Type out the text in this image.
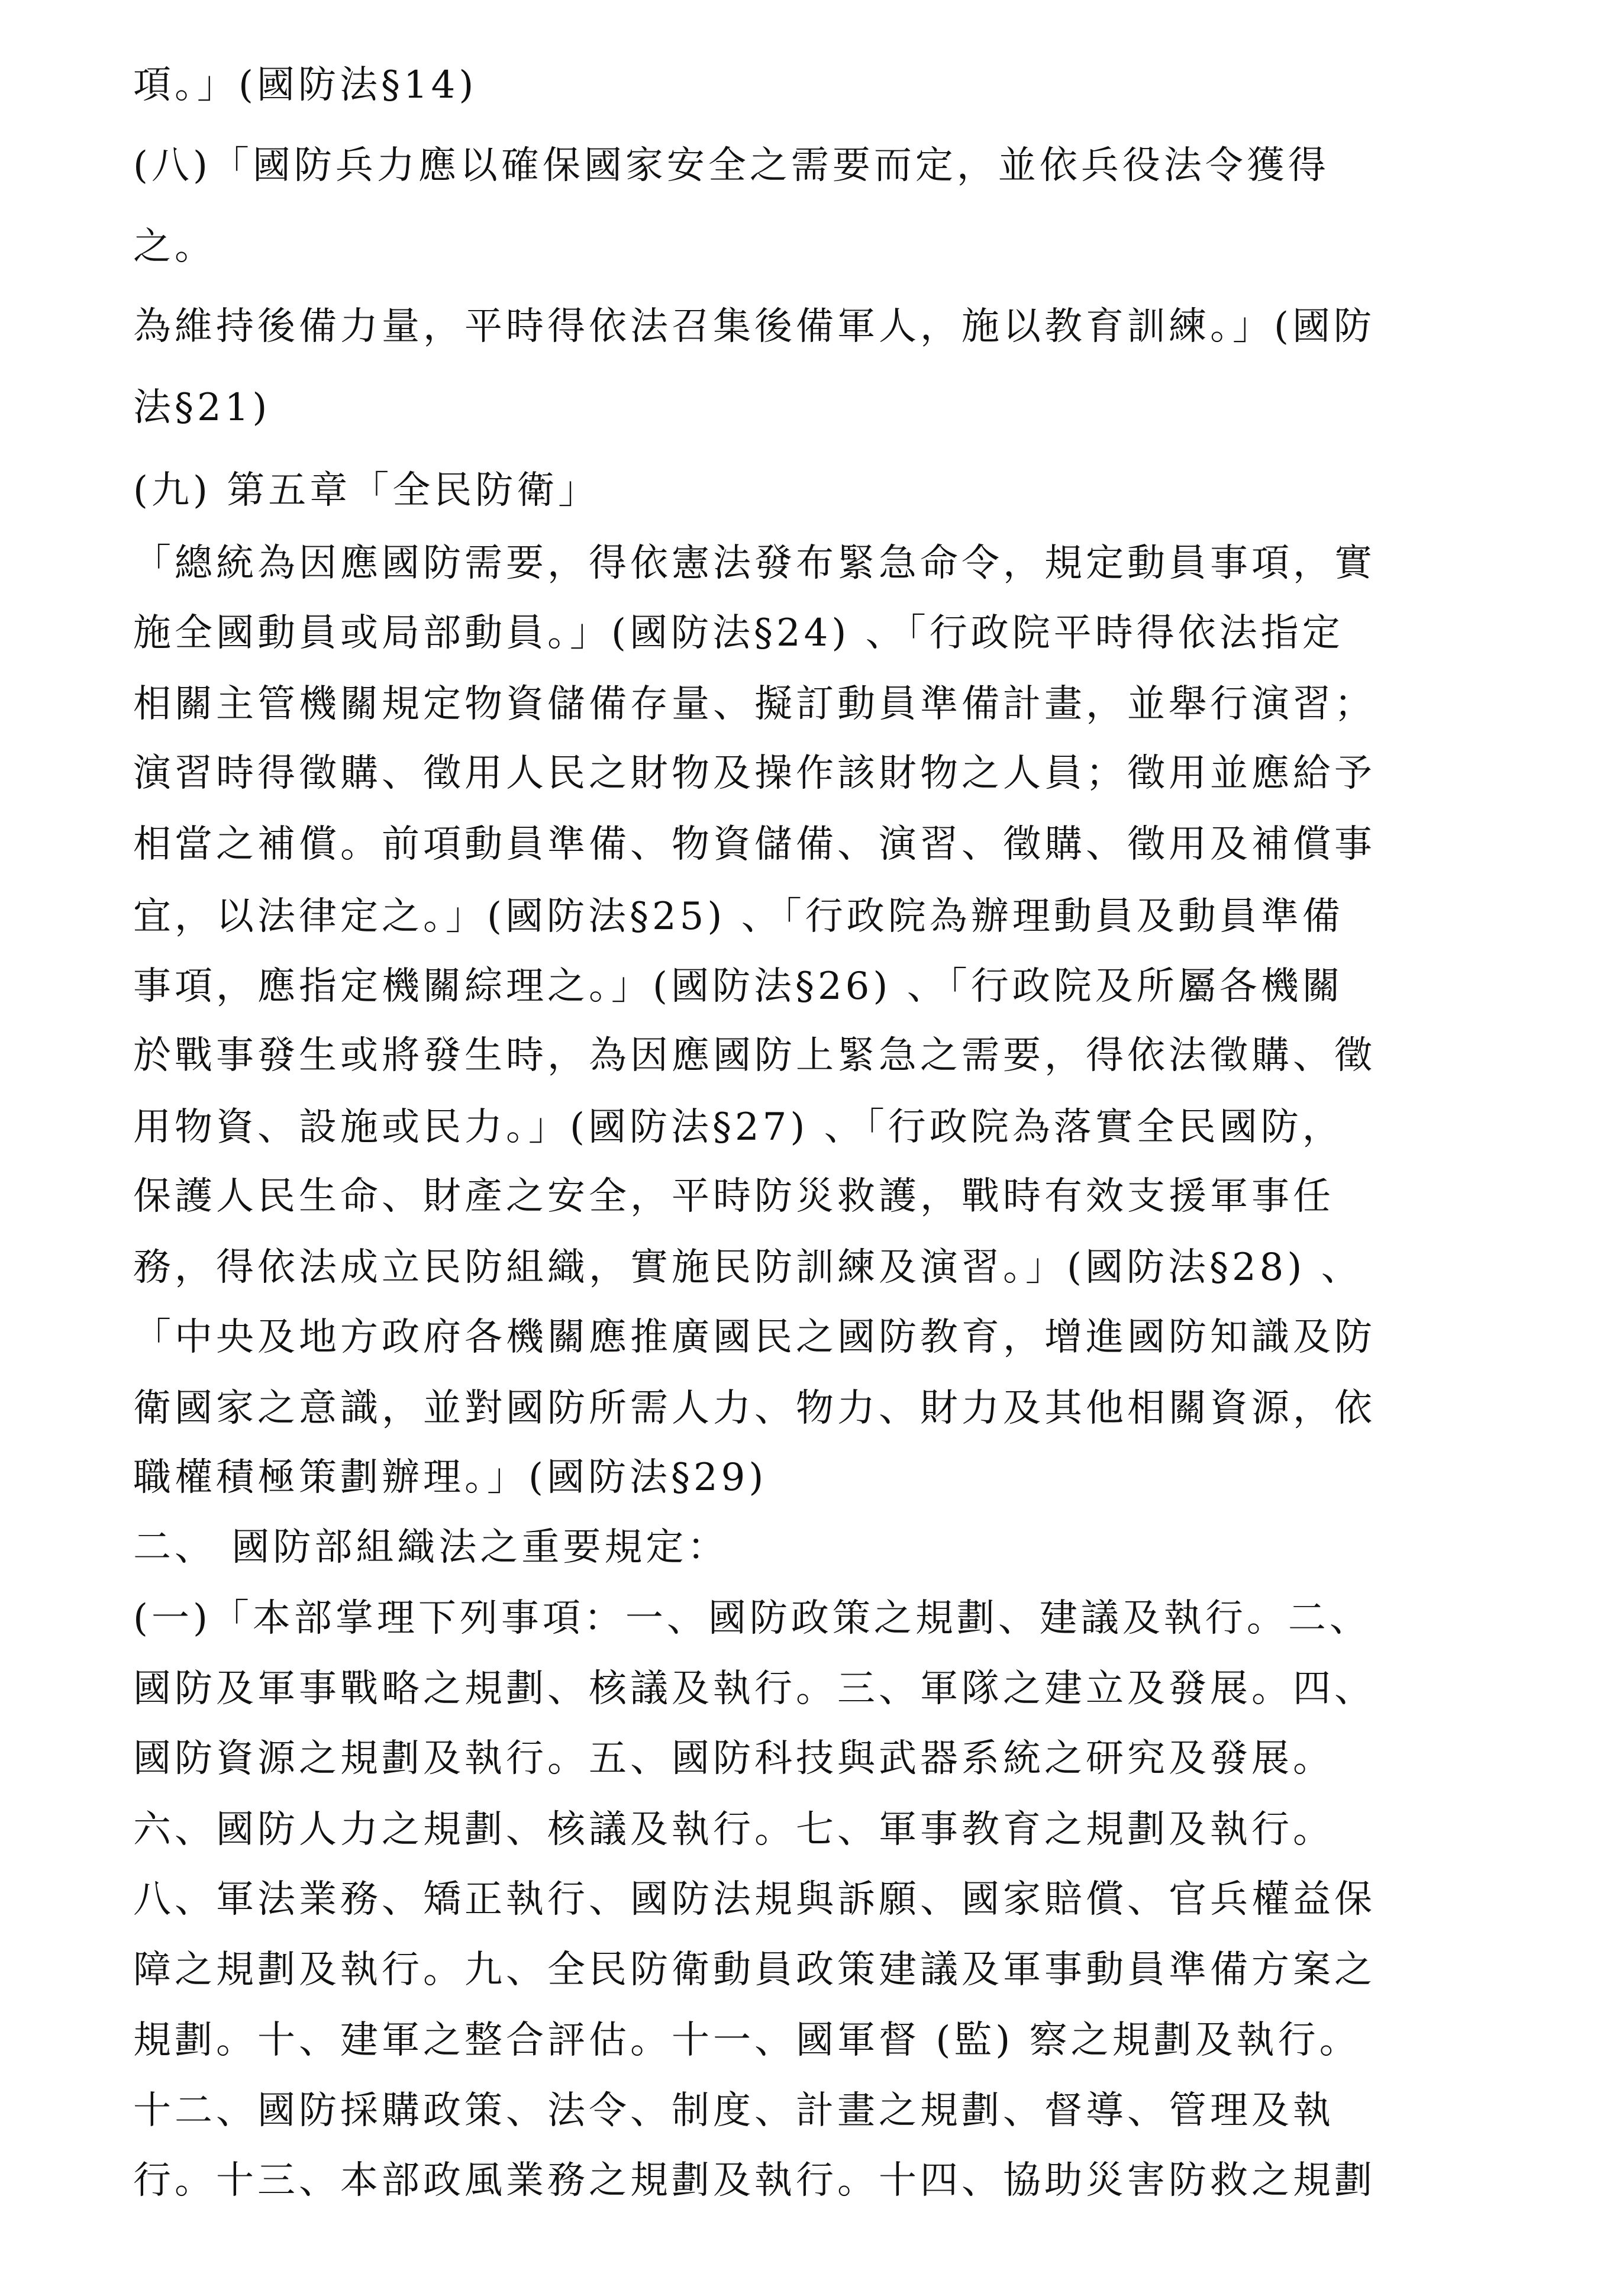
項。」(國防法§14)
(八)「國防兵力應以確保國家安全之需要而定，並依兵役法令獲得
之。
為維持後備力量，平時得依法召集後備軍人，施以教育訓練。」(國防
法§21)
(九) 第五章「全民防衛」
「總統為因應國防需要，得依憲法發布緊急命令，規定動員事項，實
施全國動員或局部動員。」(國防法§24) 、「行政院平時得依法指定
相關主管機關規定物資儲備存量、擬訂動員準備計畫，並舉行演習；
演習時得徵購、徵用人民之財物及操作該財物之人員；徵用並應給予
相當之補償。前項動員準備、物資儲備、演習、徵購、徵用及補償事
宜，以法律定之。」(國防法§25) 、「行政院為辦理動員及動員準備
事項，應指定機關綜理之。」(國防法§26) 、「行政院及所屬各機關
於戰事發生或將發生時，為因應國防上緊急之需要，得依法徵購、徵
用物資、設施或民力。」(國防法§27) 、「行政院為落實全民國防，
保護人民生命、財產之安全，平時防災救護，戰時有效支援軍事任
務，得依法成立民防組織，實施民防訓練及演習。」(國防法§28) 、
「中央及地方政府各機關應推廣國民之國防教育，增進國防知識及防
衛國家之意識，並對國防所需人力、物力、財力及其他相關資源，依
職權積極策劃辦理。」(國防法§29)
二、 國防部組織法之重要規定：
(一)「本部掌理下列事項：一、國防政策之規劃、建議及執行。二、
國防及軍事戰略之規劃、核議及執行。三、軍隊之建立及發展。四、
國防資源之規劃及執行。五、國防科技與武器系統之研究及發展。
六、國防人力之規劃、核議及執行。七、軍事教育之規劃及執行。
八、軍法業務、矯正執行、國防法規與訴願、國家賠償、官兵權益保
障之規劃及執行。九、全民防衛動員政策建議及軍事動員準備方案之
規劃。十、建軍之整合評估。十一、國軍督 (監) 察之規劃及執行。
十二、國防採購政策、法令、制度、計畫之規劃、督導、管理及執
行。十三、本部政風業務之規劃及執行。十四、協助災害防救之規劃
